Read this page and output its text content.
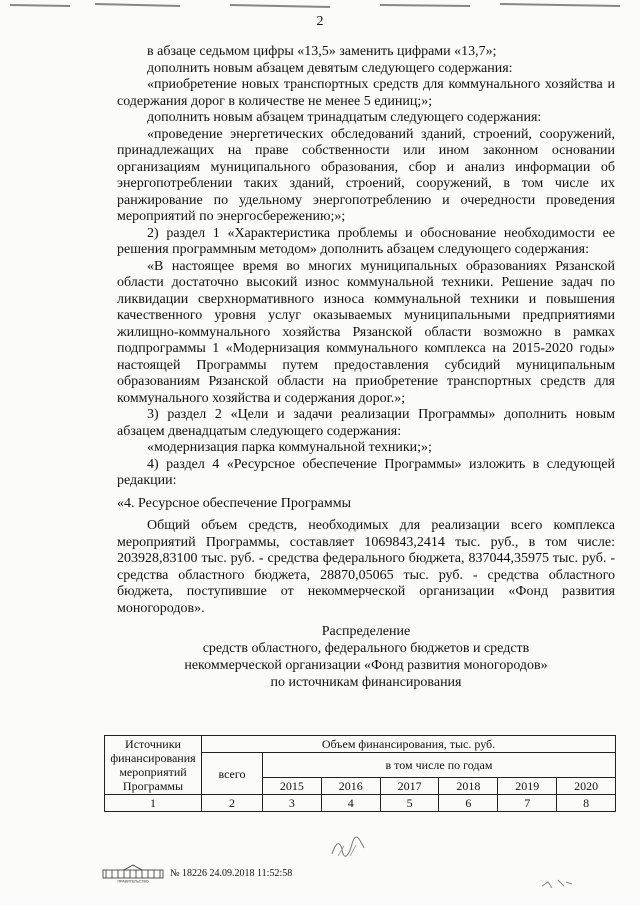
2

в абзаце седьмом цифры «13,5» заменить цифрами «13,7»;

дополнить новым абзацем девятым следующего содержания:

«приобретение новых транспортных средств для коммунального хозяйства и содержания дорог в количестве не менее 5 единиц;»;

дополнить новым абзацем тринадцатым следующего содержания:

«проведение энергетических обследований зданий, строений, сооружений, принадлежащих на праве собственности или ином законном основании организациям муниципального образования, сбор и анализ информации об энергопотреблении таких зданий, строений, сооружений, в том числе их ранжирование по удельному энергопотреблению и очередности проведения мероприятий по энергосбережению;»;

2) раздел 1 «Характеристика проблемы и обоснование необходимости ее решения программным методом» дополнить абзацем следующего содержания:

«В настоящее время во многих муниципальных образованиях Рязанской области достаточно высокий износ коммунальной техники. Решение задач по ликвидации сверхнормативного износа коммунальной техники и повышения качественного уровня услуг оказываемых муниципальными предприятиями жилищно-коммунального хозяйства Рязанской области возможно в рамках подпрограммы 1 «Модернизация коммунального комплекса на 2015-2020 годы» настоящей Программы путем предоставления субсидий муниципальным образованиям Рязанской области на приобретение транспортных средств для коммунального хозяйства и содержания дорог.»;

3) раздел 2 «Цели и задачи реализации Программы» дополнить новым абзацем двенадцатым следующего содержания:

«модернизация парка коммунальной техники;»;

4) раздел 4 «Ресурсное обеспечение Программы» изложить в следующей редакции:

«4. Ресурсное обеспечение Программы

Общий объем средств, необходимых для реализации всего комплекса мероприятий Программы, составляет 1069843,2414 тыс. руб., в том числе: 203928,83100 тыс. руб. - средства федерального бюджета, 837044,35975 тыс. руб. - средства областного бюджета, 28870,05065 тыс. руб. - средства областного бюджета, поступившие от некоммерческой организации «Фонд развития моногородов».

Распределение
средств областного, федерального бюджетов и средств
некоммерческой организации «Фонд развития моногородов»
по источникам финансирования
Источники финансирования мероприятий Программы	Объем финансирования, тыс. руб.						
	всего	в том числе по годам					
		2015	2016	2017	2018	2019	2020
1	2	3	4	5	6	7	8
ПРАВИТЕЛЬСТВО
№ 18226 24.09.2018 11:52:58
